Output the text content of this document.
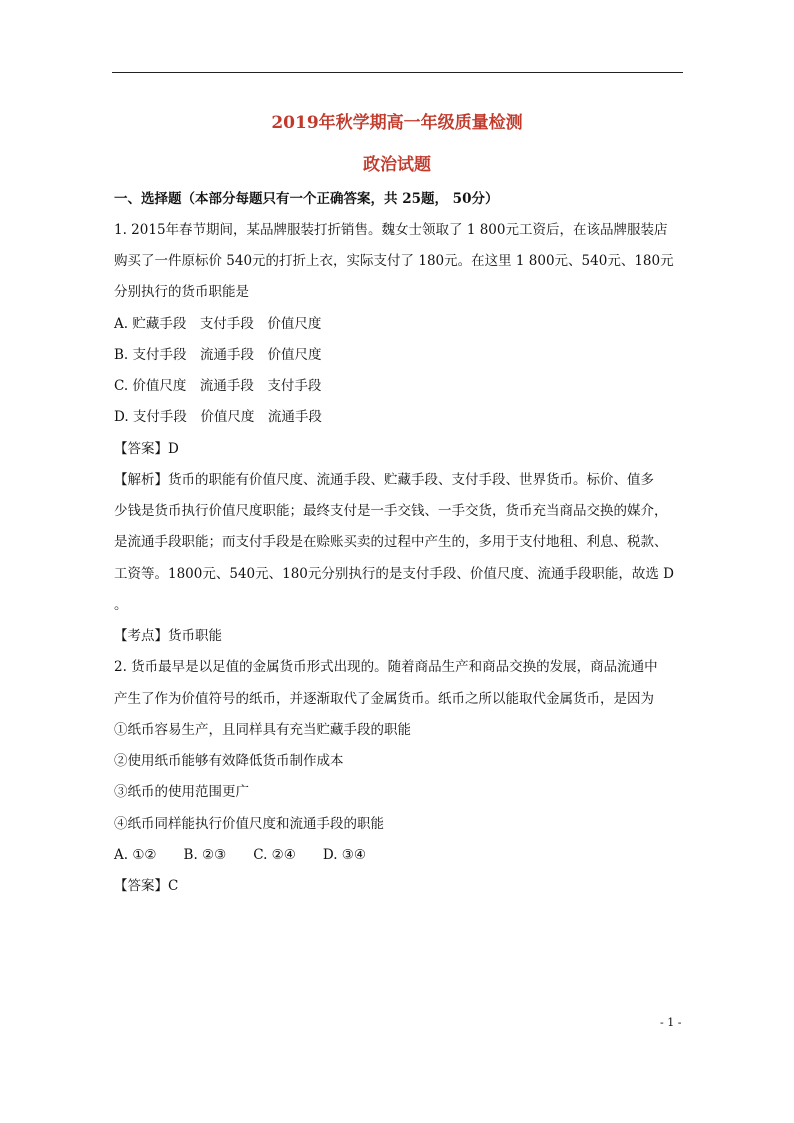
2019年秋学期高一年级质量检测
政治试题
一、选择题（本部分每题只有一个正确答案，共 25题， 50分）
1. 2015年春节期间，某品牌服装打折销售。魏女士领取了 1 800元工资后，在该品牌服装店
购买了一件原标价 540元的打折上衣，实际支付了 180元。在这里 1 800元、540元、180元
分别执行的货币职能是
A. 贮藏手段　支付手段　价值尺度
B. 支付手段　流通手段　价值尺度
C. 价值尺度　流通手段　支付手段
D. 支付手段　价值尺度　流通手段
【答案】D
【解析】货币的职能有价值尺度、流通手段、贮藏手段、支付手段、世界货币。标价、值多
少钱是货币执行价值尺度职能；最终支付是一手交钱、一手交货，货币充当商品交换的媒介，
是流通手段职能；而支付手段是在赊账买卖的过程中产生的，多用于支付地租、利息、税款、
工资等。1800元、540元、180元分别执行的是支付手段、价值尺度、流通手段职能，故选 D
。
【考点】货币职能
2. 货币最早是以足值的金属货币形式出现的。随着商品生产和商品交换的发展，商品流通中
产生了作为价值符号的纸币，并逐渐取代了金属货币。纸币之所以能取代金属货币，是因为
①纸币容易生产，且同样具有充当贮藏手段的职能
②使用纸币能够有效降低货币制作成本
③纸币的使用范围更广
④纸币同样能执行价值尺度和流通手段的职能
A. ①②　　B. ②③　　C. ②④　　D. ③④
【答案】C
- 1 -
